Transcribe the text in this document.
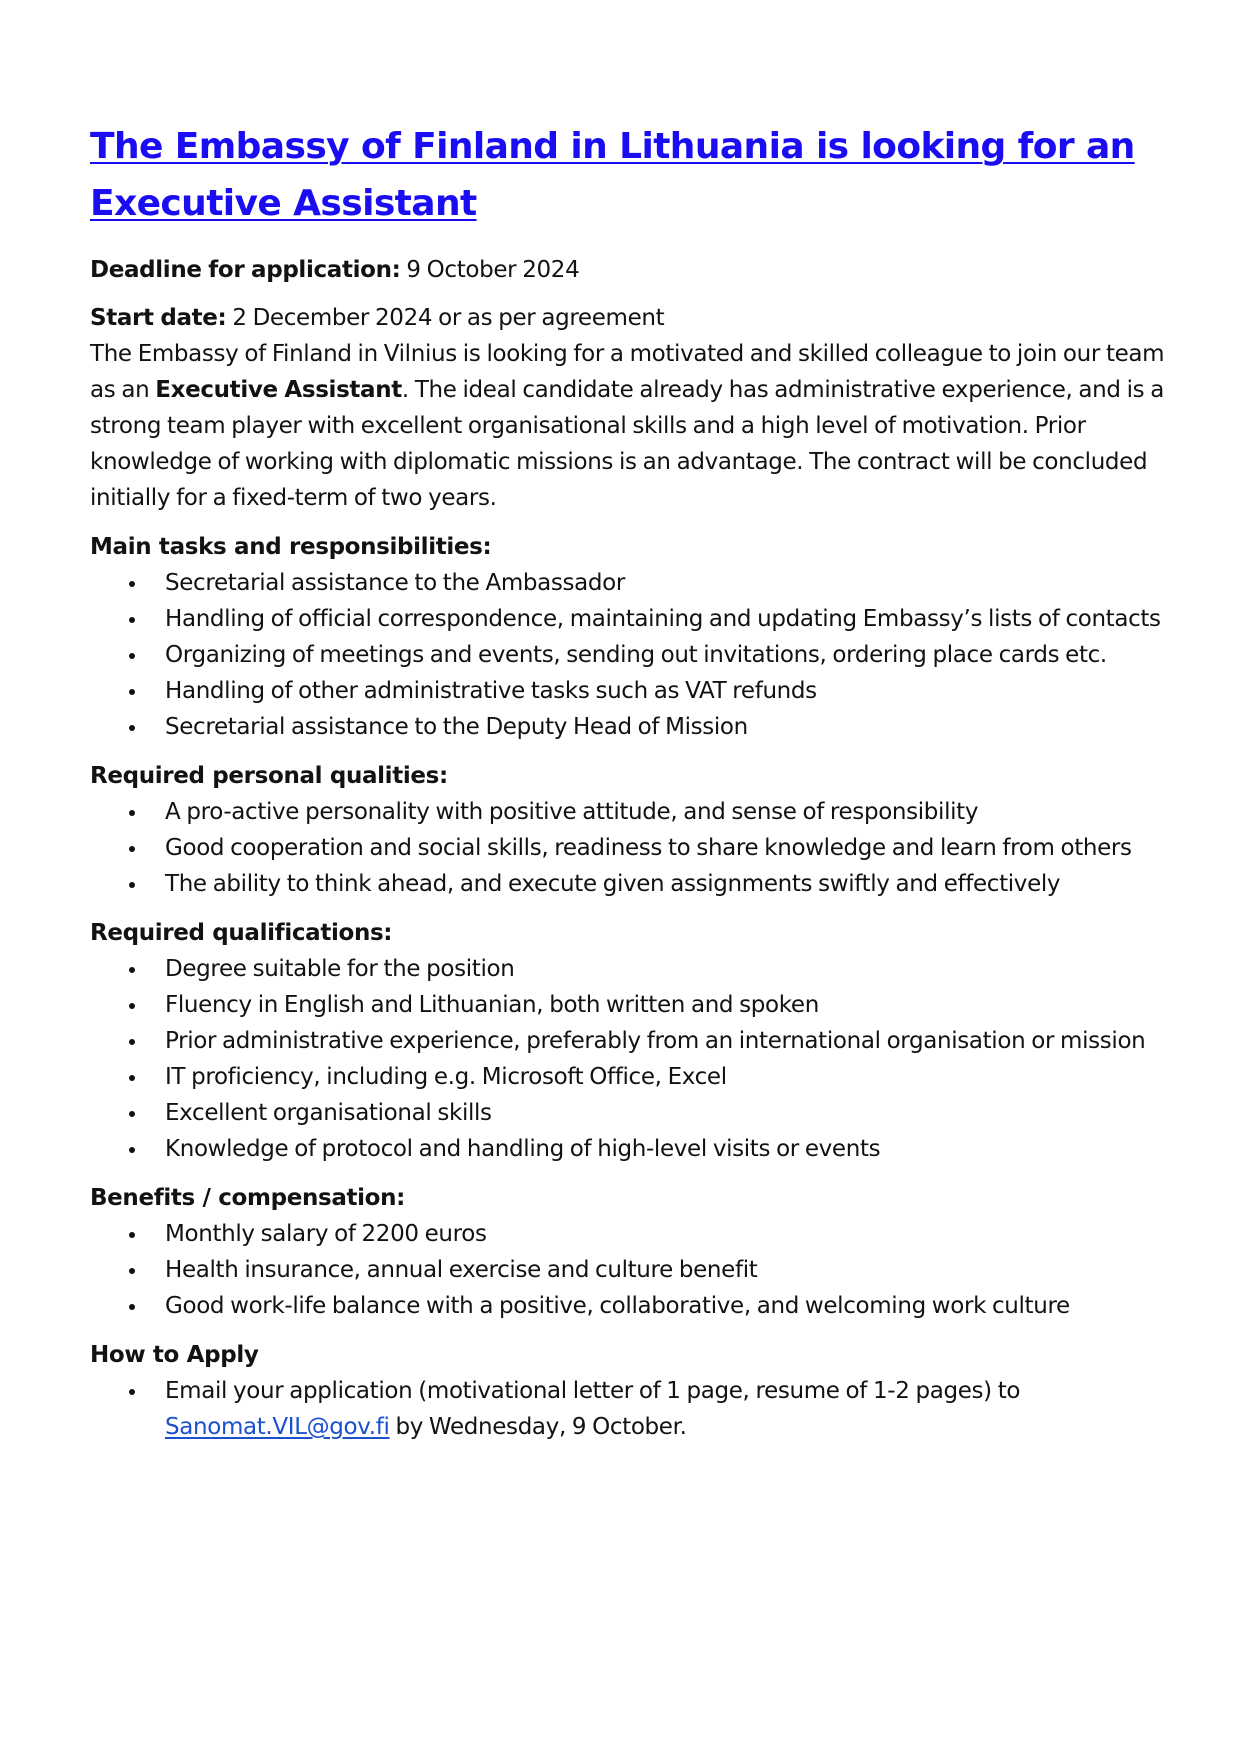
The Embassy of Finland in Lithuania is looking for an Executive Assistant

Deadline for application: 9 October 2024

Start date: 2 December 2024 or as per agreement

The Embassy of Finland in Vilnius is looking for a motivated and skilled colleague to join our team as an Executive Assistant. The ideal candidate already has administrative experience, and is a strong team player with excellent organisational skills and a high level of motivation. Prior knowledge of working with diplomatic missions is an advantage. The contract will be concluded initially for a fixed-term of two years.

Main tasks and responsibilities:
Secretarial assistance to the Ambassador
Handling of official correspondence, maintaining and updating Embassy’s lists of contacts
Organizing of meetings and events, sending out invitations, ordering place cards etc.
Handling of other administrative tasks such as VAT refunds
Secretarial assistance to the Deputy Head of Mission
Required personal qualities:
A pro-active personality with positive attitude, and sense of responsibility
Good cooperation and social skills, readiness to share knowledge and learn from others
The ability to think ahead, and execute given assignments swiftly and effectively
Required qualifications:
Degree suitable for the position
Fluency in English and Lithuanian, both written and spoken
Prior administrative experience, preferably from an international organisation or mission
IT proficiency, including e.g. Microsoft Office, Excel
Excellent organisational skills
Knowledge of protocol and handling of high-level visits or events
Benefits / compensation:
Monthly salary of 2200 euros
Health insurance, annual exercise and culture benefit
Good work-life balance with a positive, collaborative, and welcoming work culture
How to Apply
Email your application (motivational letter of 1 page, resume of 1-2 pages) to Sanomat.VIL@gov.fi by Wednesday, 9 October.
